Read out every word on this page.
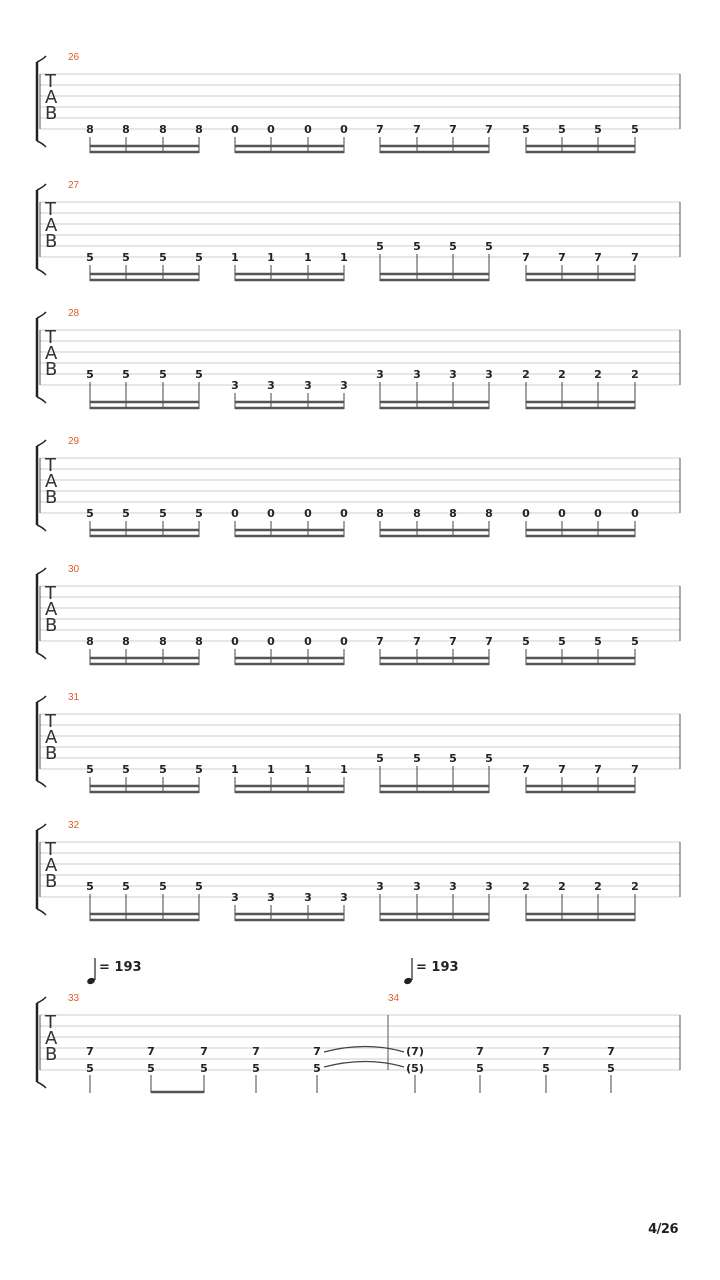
T
A
B
26
8	8	8	8	0	0	0	0	7	7	7	7	5	5	5	5
T
A
B
27
5	5	5	5	1	1	1	1
5	5	5	5
7	7	7	7
T
A
B
28
5	5	5	5
3	3	3	3
3	3	3	3	2	2	2	2
T
A
B
29
5	5	5	5	0	0	0	0	8	8	8	8	0	0	0	0
T
A
B
30
8	8	8	8	0	0	0	0	7	7	7	7	5	5	5	5
T
A
B
31
5	5	5	5	1	1	1	1
5	5	5	5
7	7	7	7
T
A
B
32
5	5	5	5
3	3	3	3
3	3	3	3	2	2	2	2
T
A
B
33
= 193
34
= 193
7
5
7
5
7
5
7
5
7
5
(7)
(5)
7
5
7
5
7
5
4/26
